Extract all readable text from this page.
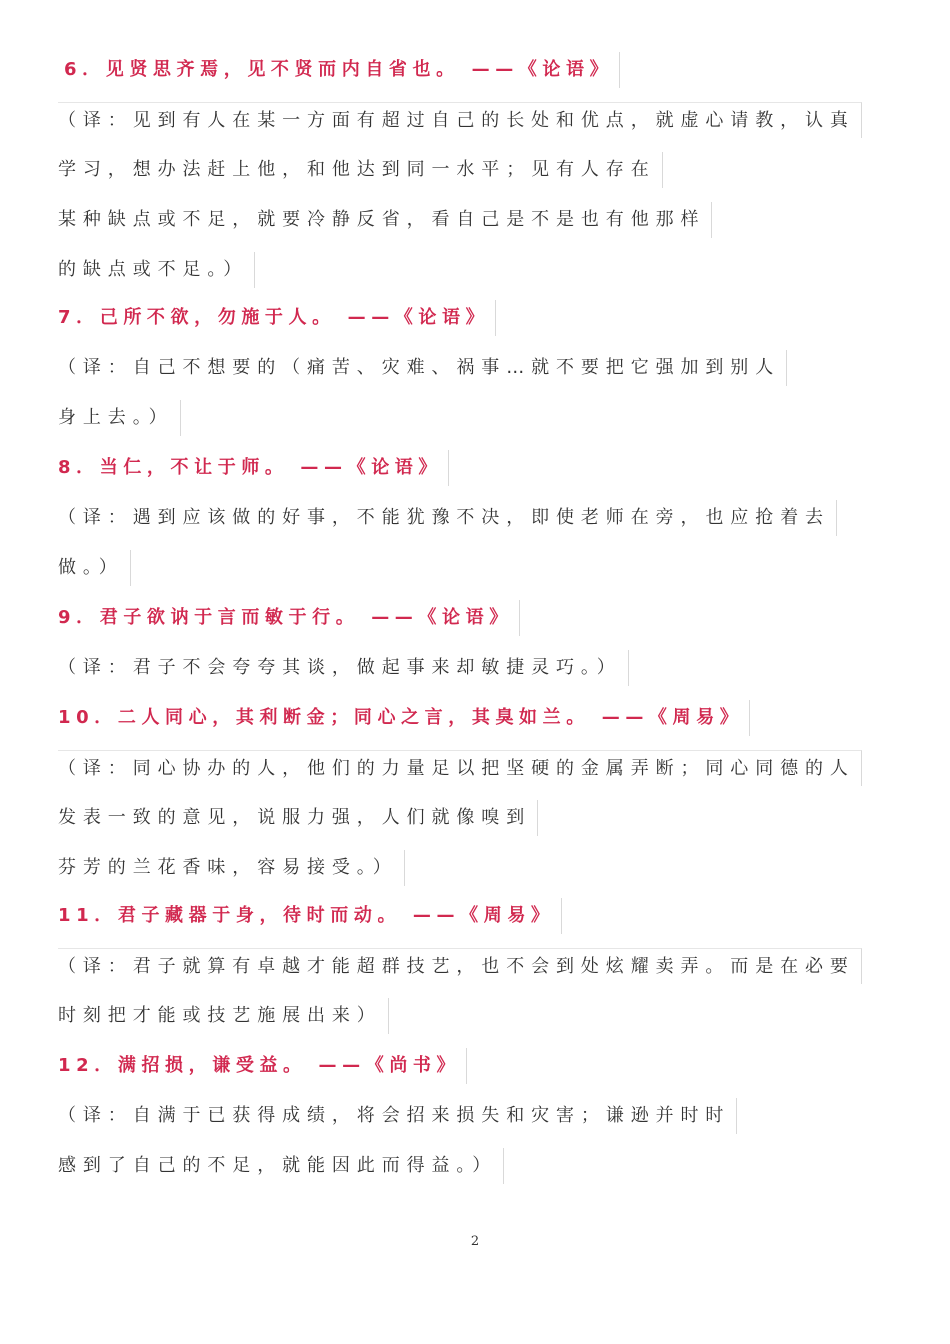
6．见贤思齐焉，见不贤而内自省也。 ——《论语》
（译：见到有人在某一方面有超过自己的长处和优点，就虚心请教，认真
学习，想办法赶上他，和他达到同一水平；见有人存在
某种缺点或不足，就要冷静反省，看自己是不是也有他那样
的缺点或不足。）
7．己所不欲，勿施于人。 ——《论语》
（译：自己不想要的（痛苦、灾难、祸事…就不要把它强加到别人
身上去。）
8．当仁，不让于师。 ——《论语》
（译：遇到应该做的好事，不能犹豫不决，即使老师在旁，也应抢着去
做。）
9．君子欲讷于言而敏于行。 ——《论语》
（译：君子不会夸夸其谈，做起事来却敏捷灵巧。）
10．二人同心，其利断金；同心之言，其臭如兰。 ——《周易》
（译：同心协办的人，他们的力量足以把坚硬的金属弄断；同心同德的人
发表一致的意见，说服力强，人们就像嗅到
芬芳的兰花香味，容易接受。）
11．君子藏器于身，待时而动。 ——《周易》
（译：君子就算有卓越才能超群技艺，也不会到处炫耀卖弄。而是在必要
时刻把才能或技艺施展出来）
12．满招损，谦受益。 ——《尚书》
（译：自满于已获得成绩，将会招来损失和灾害；谦逊并时时
感到了自己的不足，就能因此而得益。）
2
